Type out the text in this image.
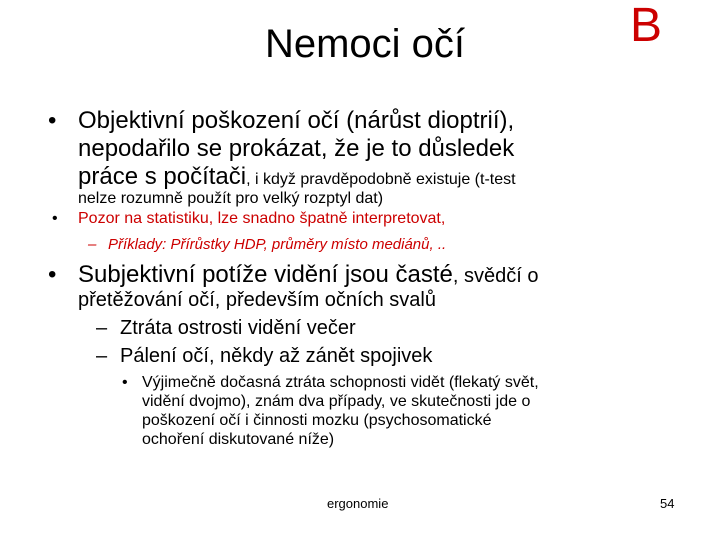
Nemoci očí	B
• Objektivní poškození očí (nárůst dioptrií),
nepodařilo se prokázat, že je to důsledek
práce s počítači, i když pravděpodobně existuje (t-test
nelze rozumně použít pro velký rozptyl dat)
• Pozor na statistiku, lze snadno špatně interpretovat,
– Příklady: Přírůstky HDP, průměry místo mediánů, ..
• Subjektivní potíže vidění jsou časté, svědčí o
přetěžování očí, především očních svalů
– Ztráta ostrosti vidění večer
– Pálení očí, někdy až zánět spojivek
• Výjimečně dočasná ztráta schopnosti vidět (flekatý svět,
vidění dvojmo), znám dva případy, ve skutečnosti jde o
poškození očí i činnosti mozku (psychosomatické
ochoření diskutované níže)
ergonomie	54
